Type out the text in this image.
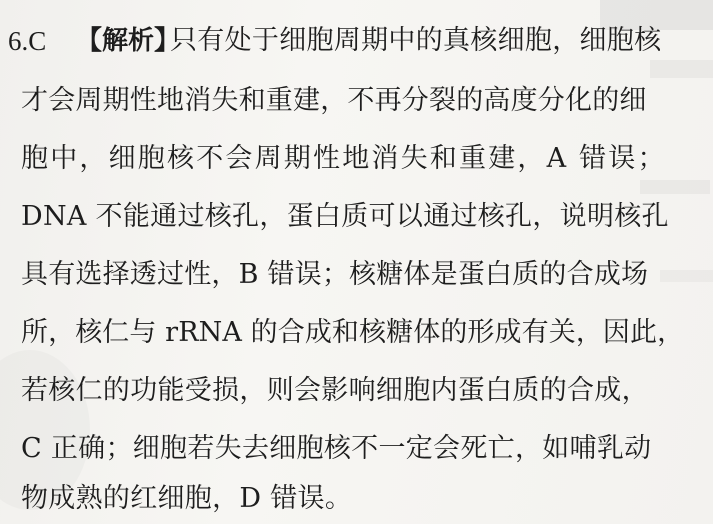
6.C 【解析】
只有处于细胞周期中的真核细胞，细胞核
才会周期性地消失和重建，不再分裂的高度分化的细
胞中，细胞核不会周期性地消失和重建，A 错误；
DNA 不能通过核孔，蛋白质可以通过核孔，说明核孔
具有选择透过性，B 错误；核糖体是蛋白质的合成场
所，核仁与 rRNA 的合成和核糖体的形成有关，因此，
若核仁的功能受损，则会影响细胞内蛋白质的合成，
C 正确；细胞若失去细胞核不一定会死亡，如哺乳动
物成熟的红细胞，D 错误。
